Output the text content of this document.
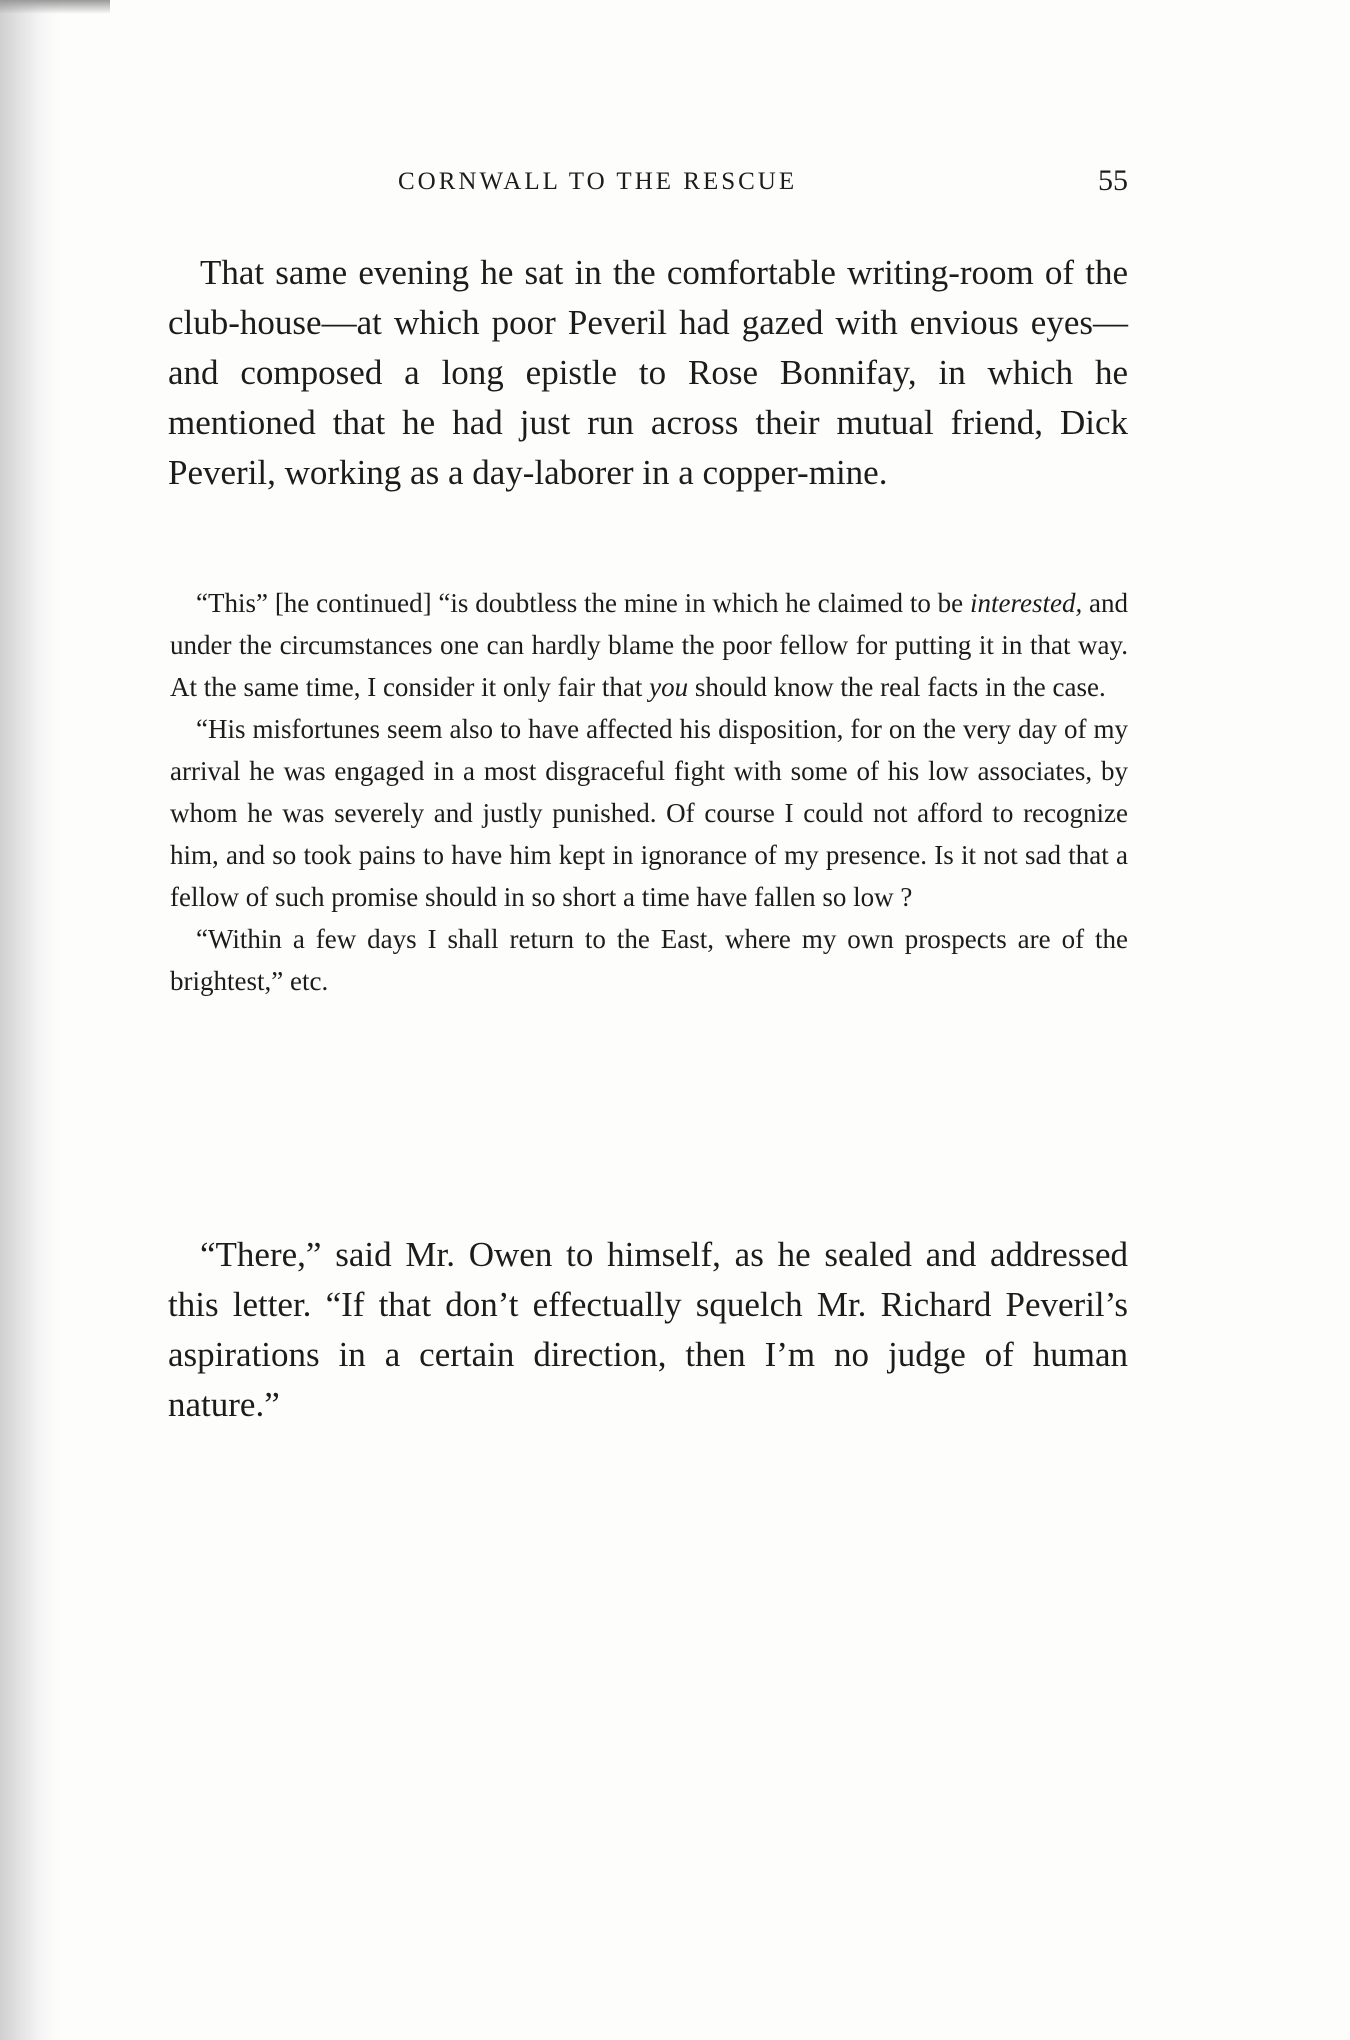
CORNWALL TO THE RESCUE	55

That same evening he sat in the comfortable writing-room of the club-house—at which poor Peveril had gazed with envious eyes—and composed a long epistle to Rose Bonnifay, in which he mentioned that he had just run across their mutual friend, Dick Peveril, working as a day-laborer in a copper-mine.

“This” [he continued] “is doubtless the mine in which he claimed to be interested, and under the circumstances one can hardly blame the poor fellow for putting it in that way. At the same time, I consider it only fair that you should know the real facts in the case.

“His misfortunes seem also to have affected his disposition, for on the very day of my arrival he was engaged in a most disgraceful fight with some of his low associates, by whom he was severely and justly punished. Of course I could not afford to recognize him, and so took pains to have him kept in ignorance of my presence. Is it not sad that a fellow of such promise should in so short a time have fallen so low ?

“Within a few days I shall return to the East, where my own prospects are of the brightest,” etc.

“There,” said Mr. Owen to himself, as he sealed and addressed this letter. “If that don’t effectually squelch Mr. Richard Peveril’s aspirations in a certain direction, then I’m no judge of human nature.”
